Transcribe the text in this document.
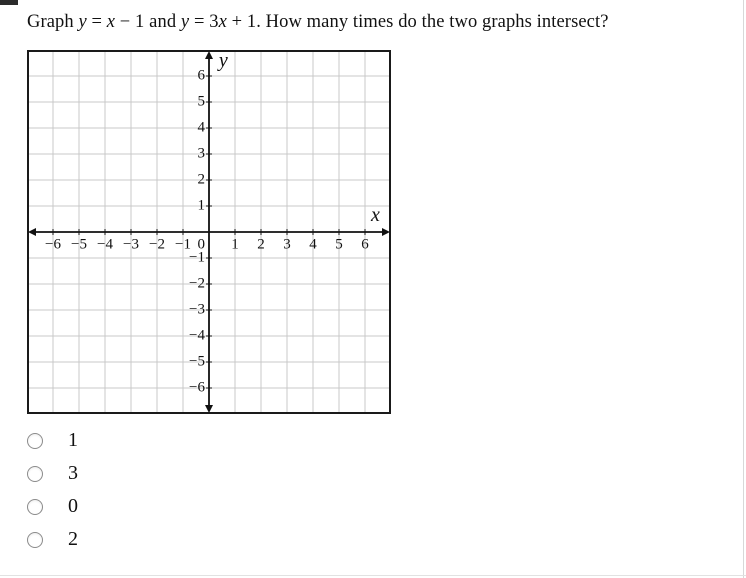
Graph y = x − 1 and y = 3x + 1. How many times do the two graphs intersect?
−6 −5 −4 −3 −2 −1	1 2 3 4 5 6
6
5
4
3
2
1
−1
−2
−3
−4
−5
−6
0
x
y
1
3
0
2
